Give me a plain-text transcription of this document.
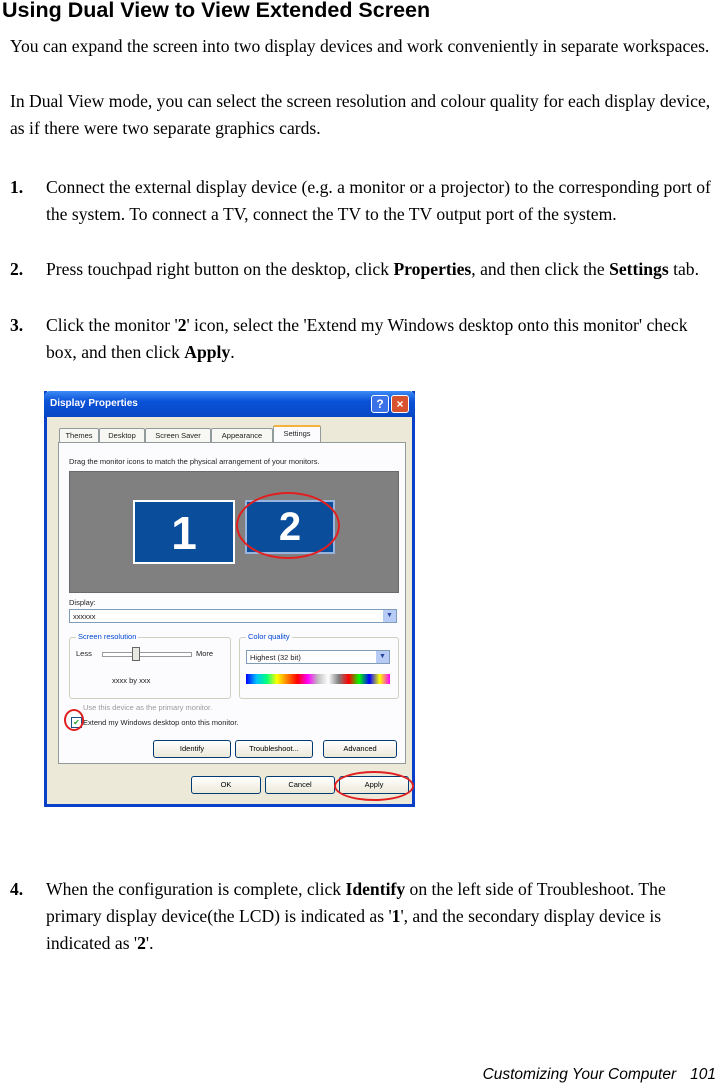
Using Dual View to View Extended Screen

You can expand the screen into two display devices and work conveniently in separate workspaces.

In Dual View mode, you can select the screen resolution and colour quality for each display device, as if there were two separate graphics cards.

1. Connect the external display device (e.g. a monitor or a projector) to the corresponding port of the system. To connect a TV, connect the TV to the TV output port of the system.
2. Press touchpad right button on the desktop, click Properties, and then click the Settings tab.
3. Click the monitor '2' icon, select the 'Extend my Windows desktop onto this monitor' check box, and then click Apply.
Display Properties	?	×
Themes	Desktop	Screen Saver	Appearance	Settings
Drag the monitor icons to match the physical arrangement of your monitors.
1	2
Display:
xxxxxx	▼
Screen resolution
Less	More
xxxx by xxx
Color quality
Highest (32 bit)	▼
Use this device as the primary monitor.
✔ Extend my Windows desktop onto this monitor.
Identify	Troubleshoot...	Advanced
OK	Cancel	Apply
4. When the configuration is complete, click Identify on the left side of Troubleshoot. The primary display device(the LCD) is indicated as '1', and the secondary display device is indicated as '2'.
Customizing Your Computer 101
